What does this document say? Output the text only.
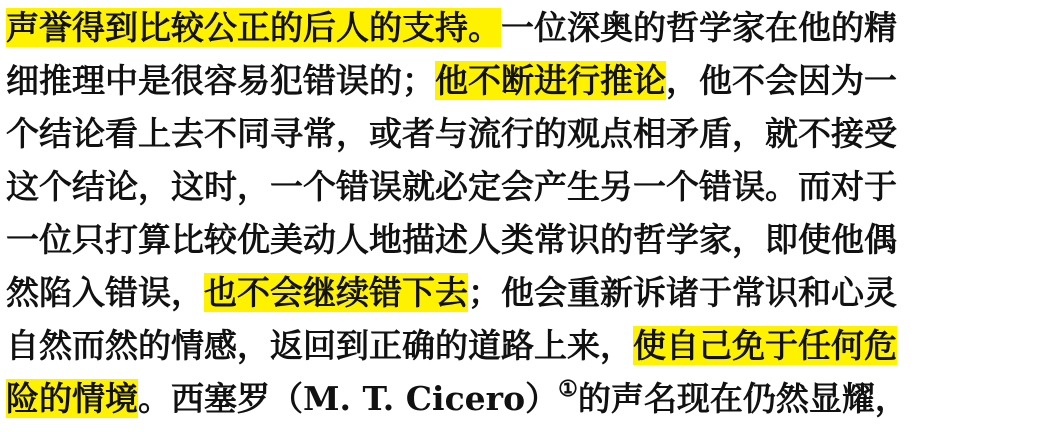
声誉得到比较公正的后人的支持。一位深奥的哲学家在他的精
细推理中是很容易犯错误的；他不断进行推论，他不会因为一
个结论看上去不同寻常，或者与流行的观点相矛盾，就不接受
这个结论，这时，一个错误就必定会产生另一个错误。而对于
一位只打算比较优美动人地描述人类常识的哲学家，即使他偶
然陷入错误，也不会继续错下去；他会重新诉诸于常识和心灵
自然而然的情感，返回到正确的道路上来，使自己免于任何危
险的情境。西塞罗（M. T. Cicero）①的声名现在仍然显耀，
